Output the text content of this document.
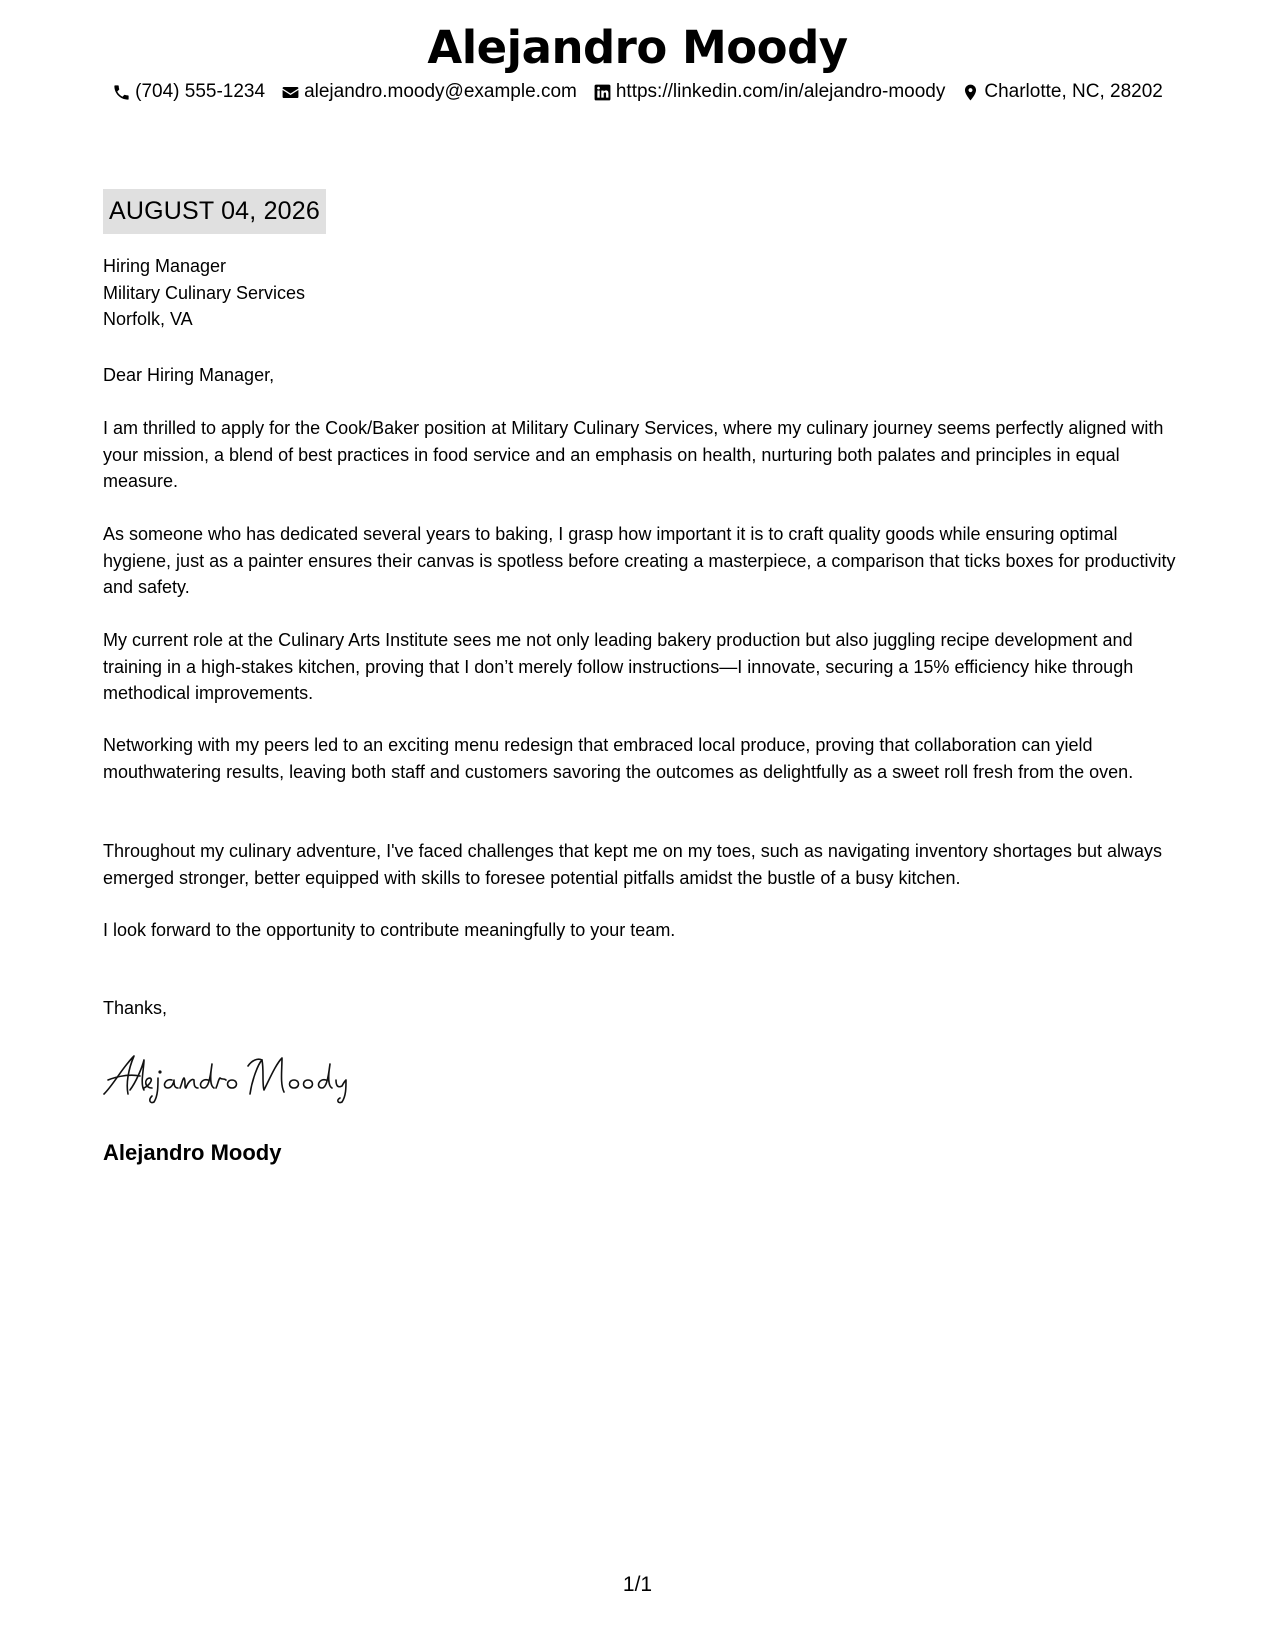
Alejandro Moody
(704) 555-1234 alejandro.moody@example.com https://linkedin.com/in/alejandro-moody Charlotte, NC, 28202
AUGUST 04, 2026
Hiring Manager
Military Culinary Services
Norfolk, VA
Dear Hiring Manager,
I am thrilled to apply for the Cook/Baker position at Military Culinary Services, where my culinary journey seems perfectly aligned with your mission, a blend of best practices in food service and an emphasis on health, nurturing both palates and principles in equal measure.
As someone who has dedicated several years to baking, I grasp how important it is to craft quality goods while ensuring optimal hygiene, just as a painter ensures their canvas is spotless before creating a masterpiece, a comparison that ticks boxes for productivity and safety.
My current role at the Culinary Arts Institute sees me not only leading bakery production but also juggling recipe development and training in a high-stakes kitchen, proving that I don’t merely follow instructions—I innovate, securing a 15% efficiency hike through methodical improvements.
Networking with my peers led to an exciting menu redesign that embraced local produce, proving that collaboration can yield mouthwatering results, leaving both staff and customers savoring the outcomes as delightfully as a sweet roll fresh from the oven.
Throughout my culinary adventure, I've faced challenges that kept me on my toes, such as navigating inventory shortages but always emerged stronger, better equipped with skills to foresee potential pitfalls amidst the bustle of a busy kitchen.
I look forward to the opportunity to contribute meaningfully to your team.
Thanks,
Alejandro Moody
1/1
